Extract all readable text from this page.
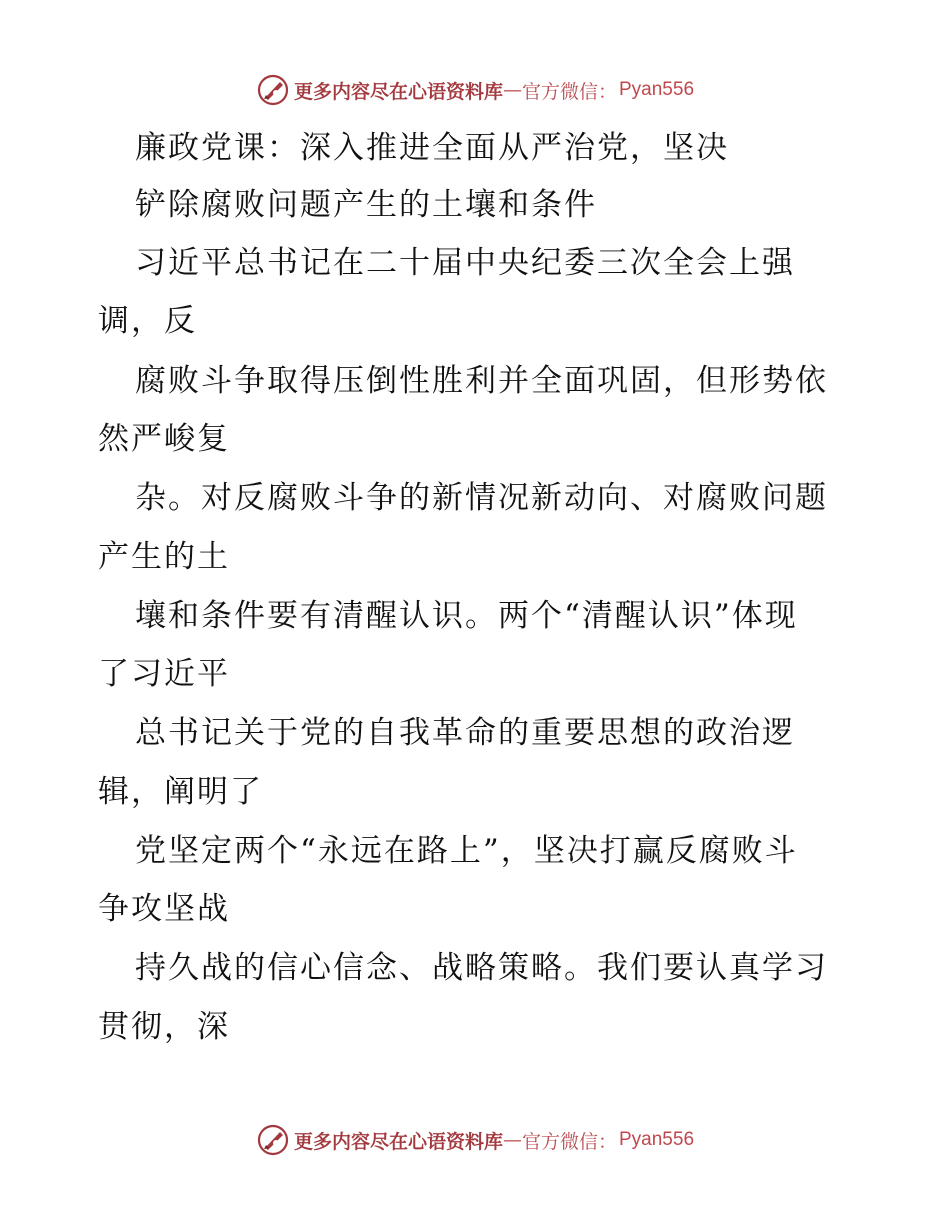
更多内容尽在心语资料库 — 官方微信： Pyan556
廉政党课：深入推进全面从严治党，坚决
铲除腐败问题产生的土壤和条件
习近平总书记在二十届中央纪委三次全会上强
调，反
腐败斗争取得压倒性胜利并全面巩固，但形势依
然严峻复
杂。对反腐败斗争的新情况新动向、对腐败问题
产生的土
壤和条件要有清醒认识。两个“清醒认识”体现
了习近平
总书记关于党的自我革命的重要思想的政治逻
辑，阐明了
党坚定两个“永远在路上”，坚决打赢反腐败斗
争攻坚战
持久战的信心信念、战略策略。我们要认真学习
贯彻，深
更多内容尽在心语资料库 — 官方微信： Pyan556
